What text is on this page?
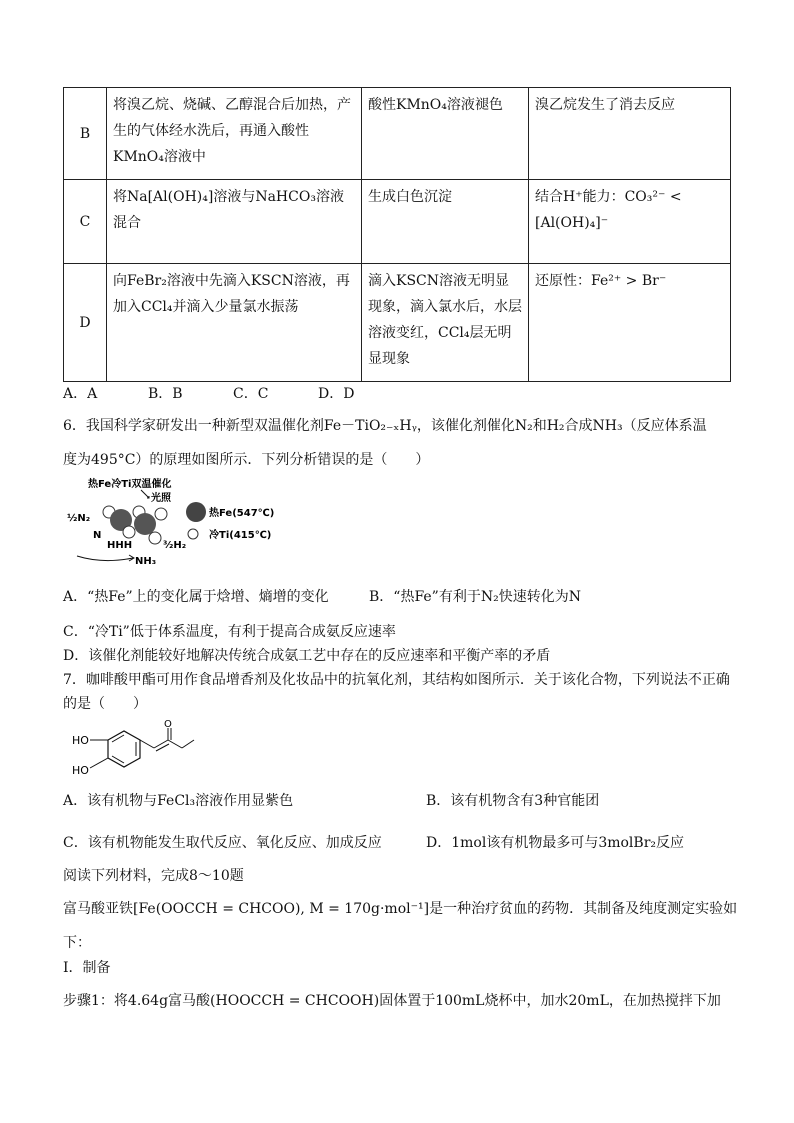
B	将溴乙烷、烧碱、乙醇混合后加热，产生的气体经水洗后，再通入酸性KMnO₄溶液中	酸性KMnO₄溶液褪色	溴乙烷发生了消去反应
C	将Na[Al(OH)₄]溶液与NaHCO₃溶液混合	生成白色沉淀	结合H⁺能力：CO₃²⁻ < [Al(OH)₄]⁻
D	向FeBr₂溶液中先滴入KSCN溶液，再加入CCl₄并滴入少量氯水振荡	滴入KSCN溶液无明显现象，滴入氯水后，水层溶液变红，CCl₄层无明显现象	还原性：Fe²⁺ > Br⁻
A．A	B．B	C．C	D．D
6．我国科学家研发出一种新型双温催化剂Fe－TiO₂₋ₓHᵧ，该催化剂催化N₂和H₂合成NH₃（反应体系温
度为495°C）的原理如图所示．下列分析错误的是（　　）
热Fe冷Ti双温催化
光照
½N₂
N
HHH	³⁄₂H₂
NH₃
热Fe(547℃)
冷Ti(415℃)
A．“热Fe”上的变化属于焓增、熵增的变化	B．“热Fe”有利于N₂快速转化为N
C．“冷Ti”低于体系温度，有利于提高合成氨反应速率
D．该催化剂能较好地解决传统合成氨工艺中存在的反应速率和平衡产率的矛盾
7．咖啡酸甲酯可用作食品增香剂及化妆品中的抗氧化剂，其结构如图所示．关于该化合物，下列说法不正确
的是（　　）
HO
HO
O
A．该有机物与FeCl₃溶液作用显紫色	B．该有机物含有3种官能团
C．该有机物能发生取代反应、氧化反应、加成反应	D．1mol该有机物最多可与3molBr₂反应
阅读下列材料，完成8～10题
富马酸亚铁[Fe(OOCCH = CHCOO), M = 170g·mol⁻¹]是一种治疗贫血的药物．其制备及纯度测定实验如
下：
I．制备
步骤1：将4.64g富马酸(HOOCCH = CHCOOH)固体置于100mL烧杯中，加水20mL，在加热搅拌下加
